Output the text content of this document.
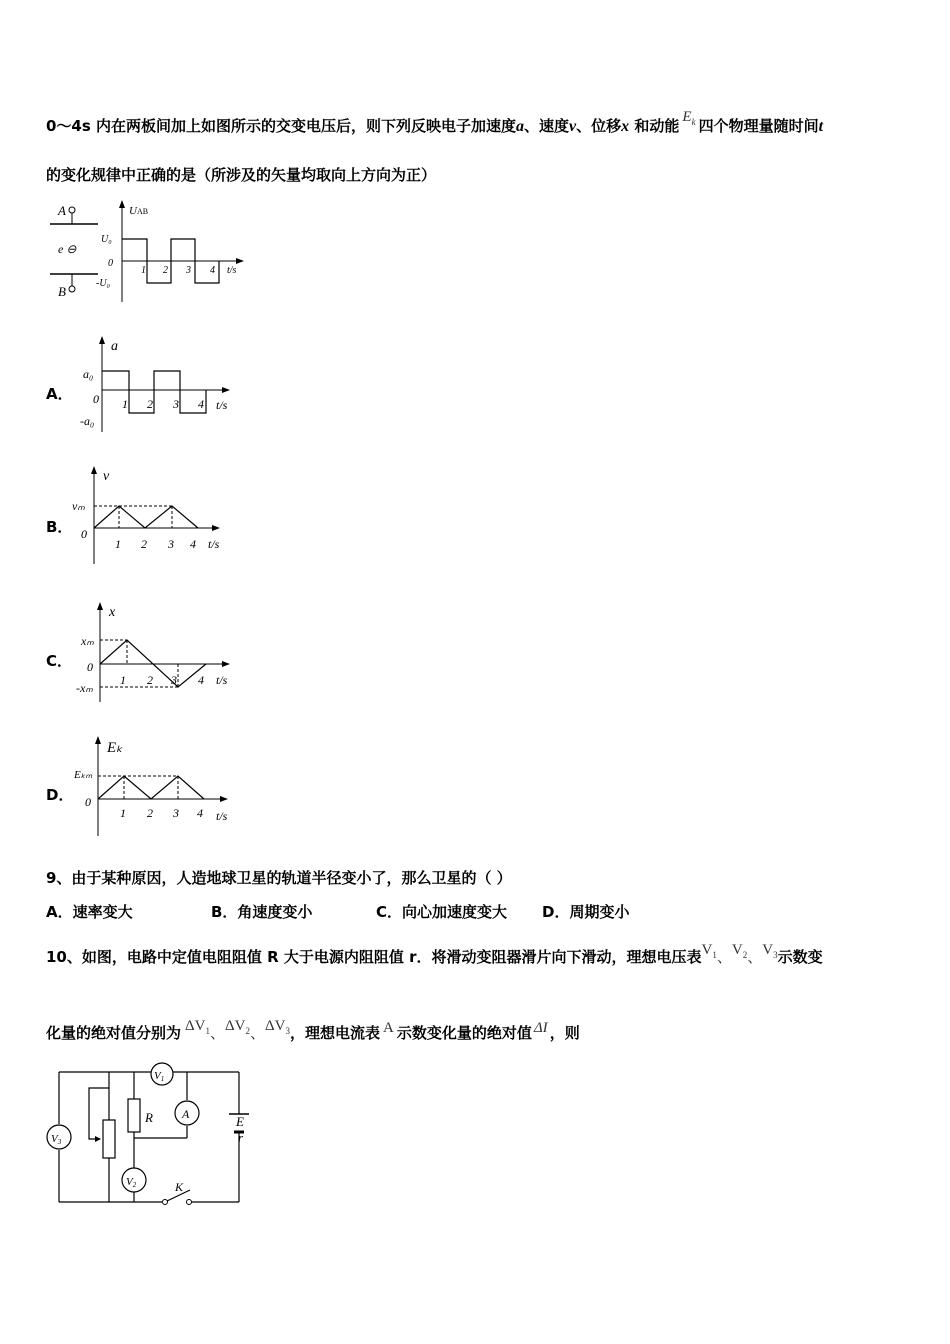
0～4s 内在两板间加上如图所示的交变电压后，则下列反映电子加速度a、速度v、位移x 和动能 $E_k$ 四个物理量随时间t
的变化规律中正确的是（所涉及的矢量均取向上方向为正）
A
e ⊖
B
UAB
U₀
0
-U₀
1 2 3 4 t/s
A．
a
a₀
0
-a₀
1 2 3 4 t/s
B．
v
vₘ
0
1 2 3 4 t/s
C．
x
xₘ
0
-xₘ
1 2 3 4 t/s
D．
Eₖ
Eₖₘ
0
1 2 3 4 t/s
9、由于某种原因，人造地球卫星的轨道半径变小了，那么卫星的（ ）
A．速率变大	B．角速度变小	C．向心加速度变大 D．周期变小
10、如图，电路中定值电阻阻值 R 大于电源内阻阻值 r．将滑动变阻器滑片向下滑动，理想电压表$V_1$、$V_2$、$V_3$示数变
化量的绝对值分别为 $\Delta V_1$、$\Delta V_2$、$\Delta V_3$，理想电流表 A 示数变化量的绝对值 ΔI ，则
V1
V3
R A
V2
E
r
K
